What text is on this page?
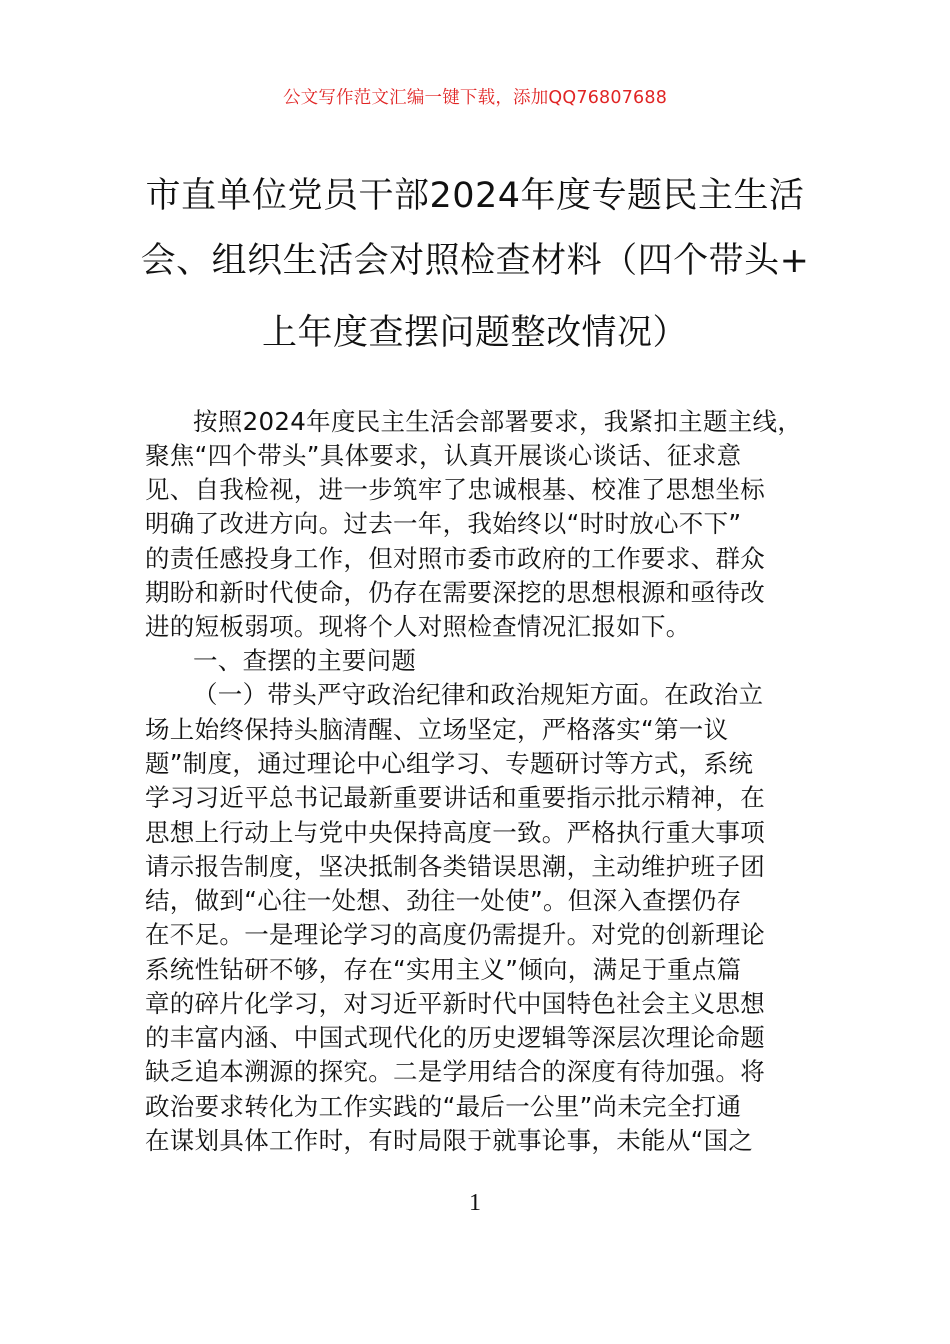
公文写作范文汇编一键下载，添加QQ76807688
市直单位党员干部2024年度专题民主生活
会、组织生活会对照检查材料（四个带头+
上年度查摆问题整改情况）
按照2024年度民主生活会部署要求，我紧扣主题主线，
聚焦“四个带头”具体要求，认真开展谈心谈话、征求意
见、自我检视，进一步筑牢了忠诚根基、校准了思想坐标
明确了改进方向。过去一年，我始终以“时时放心不下”
的责任感投身工作，但对照市委市政府的工作要求、群众
期盼和新时代使命，仍存在需要深挖的思想根源和亟待改
进的短板弱项。现将个人对照检查情况汇报如下。
一、查摆的主要问题
（一）带头严守政治纪律和政治规矩方面。在政治立
场上始终保持头脑清醒、立场坚定，严格落实“第一议
题”制度，通过理论中心组学习、专题研讨等方式，系统
学习习近平总书记最新重要讲话和重要指示批示精神，在
思想上行动上与党中央保持高度一致。严格执行重大事项
请示报告制度，坚决抵制各类错误思潮，主动维护班子团
结，做到“心往一处想、劲往一处使”。但深入查摆仍存
在不足。一是理论学习的高度仍需提升。对党的创新理论
系统性钻研不够，存在“实用主义”倾向，满足于重点篇
章的碎片化学习，对习近平新时代中国特色社会主义思想
的丰富内涵、中国式现代化的历史逻辑等深层次理论命题
缺乏追本溯源的探究。二是学用结合的深度有待加强。将
政治要求转化为工作实践的“最后一公里”尚未完全打通
在谋划具体工作时，有时局限于就事论事，未能从“国之
1
